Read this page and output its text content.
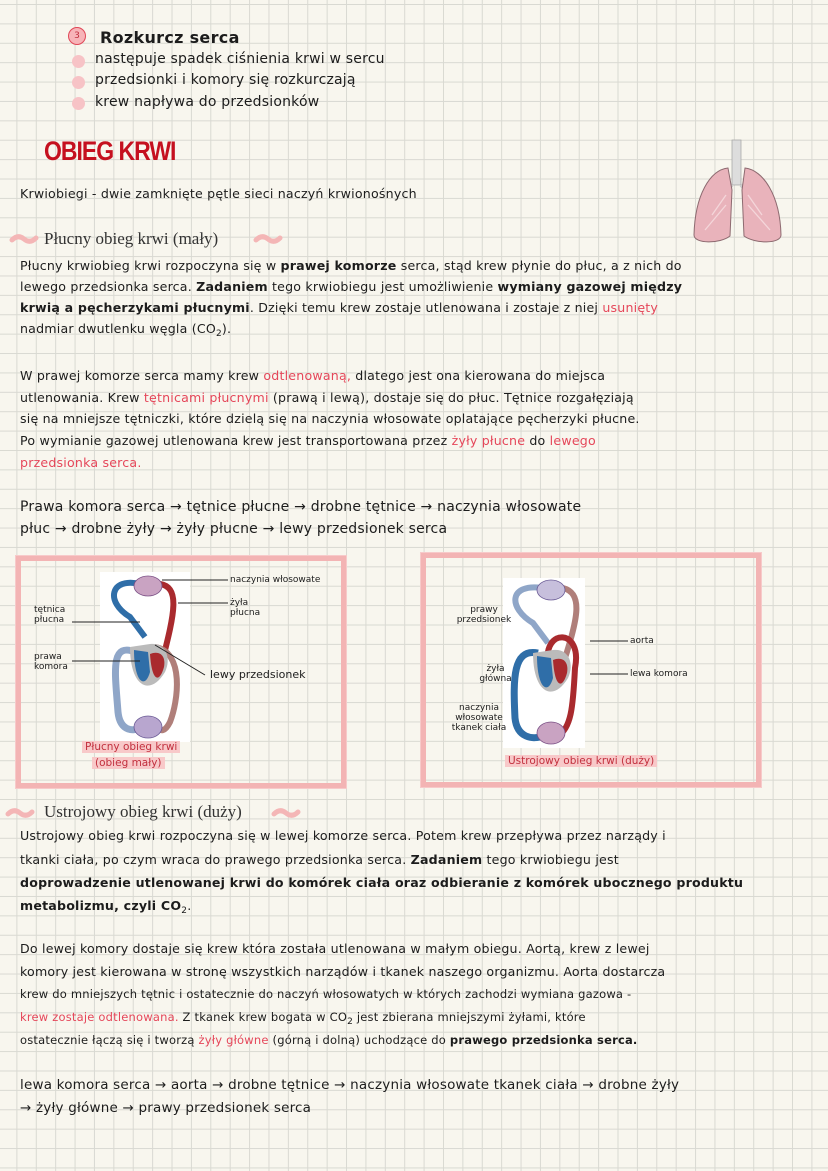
3	Rozkurcz serca
następuje spadek ciśnienia krwi w sercu
przedsionki i komory się rozkurczają
krew napływa do przedsionków
OBIEG KRWI
Krwiobiegi - dwie zamknięte pętle sieci naczyń krwionośnych
Płucny obieg krwi (mały)
Płucny krwiobieg krwi rozpoczyna się w prawej komorze serca, stąd krew płynie do płuc, a z nich do
lewego przedsionka serca. Zadaniem tego krwiobiegu jest umożliwienie wymiany gazowej między
krwią a pęcherzykami płucnymi. Dzięki temu krew zostaje utlenowana i zostaje z niej usunięty
nadmiar dwutlenku węgla $(CO_2)$.
W prawej komorze serca mamy krew odtlenowaną, dlatego jest ona kierowana do miejsca
utlenowania. Krew tętnicami płucnymi (prawą i lewą), dostaje się do płuc. Tętnice rozgałęziają
się na mniejsze tętniczki, które dzielą się na naczynia włosowate oplatające pęcherzyki płucne.
Po wymianie gazowej utlenowana krew jest transportowana przez żyły płucne do lewego
przedsionka serca.
Prawa komora serca → tętnice płucne → drobne tętnice → naczynia włosowate
płuc → drobne żyły → żyły płucne → lewy przedsionek serca
naczynia włosowate
żyła płucna
tętnica płucna
prawa komora
lewy przedsionek
Płucny obieg krwi
(obieg mały)
prawy przedsionek
aorta
żyła główna	lewa komora
naczynia włosowate tkanek ciała
Ustrojowy obieg krwi (duży)
Ustrojowy obieg krwi (duży)
Ustrojowy obieg krwi rozpoczyna się w lewej komorze serca. Potem krew przepływa przez narządy i
tkanki ciała, po czym wraca do prawego przedsionka serca. Zadaniem tego krwiobiegu jest
doprowadzenie utlenowanej krwi do komórek ciała oraz odbieranie z komórek ubocznego produktu
metabolizmu, czyli $CO_2$.
Do lewej komory dostaje się krew która została utlenowana w małym obiegu. Aortą, krew z lewej
komory jest kierowana w stronę wszystkich narządów i tkanek naszego organizmu. Aorta dostarcza
krew do mniejszych tętnic i ostatecznie do naczyń włosowatych w których zachodzi wymiana gazowa -
krew zostaje odtlenowana. Z tkanek krew bogata w $CO_2$ jest zbierana mniejszymi żyłami, które
ostatecznie łączą się i tworzą żyły główne (górną i dolną) uchodzące do prawego przedsionka serca.
lewa komora serca → aorta → drobne tętnice → naczynia włosowate tkanek ciała → drobne żyły
→ żyły główne → prawy przedsionek serca
